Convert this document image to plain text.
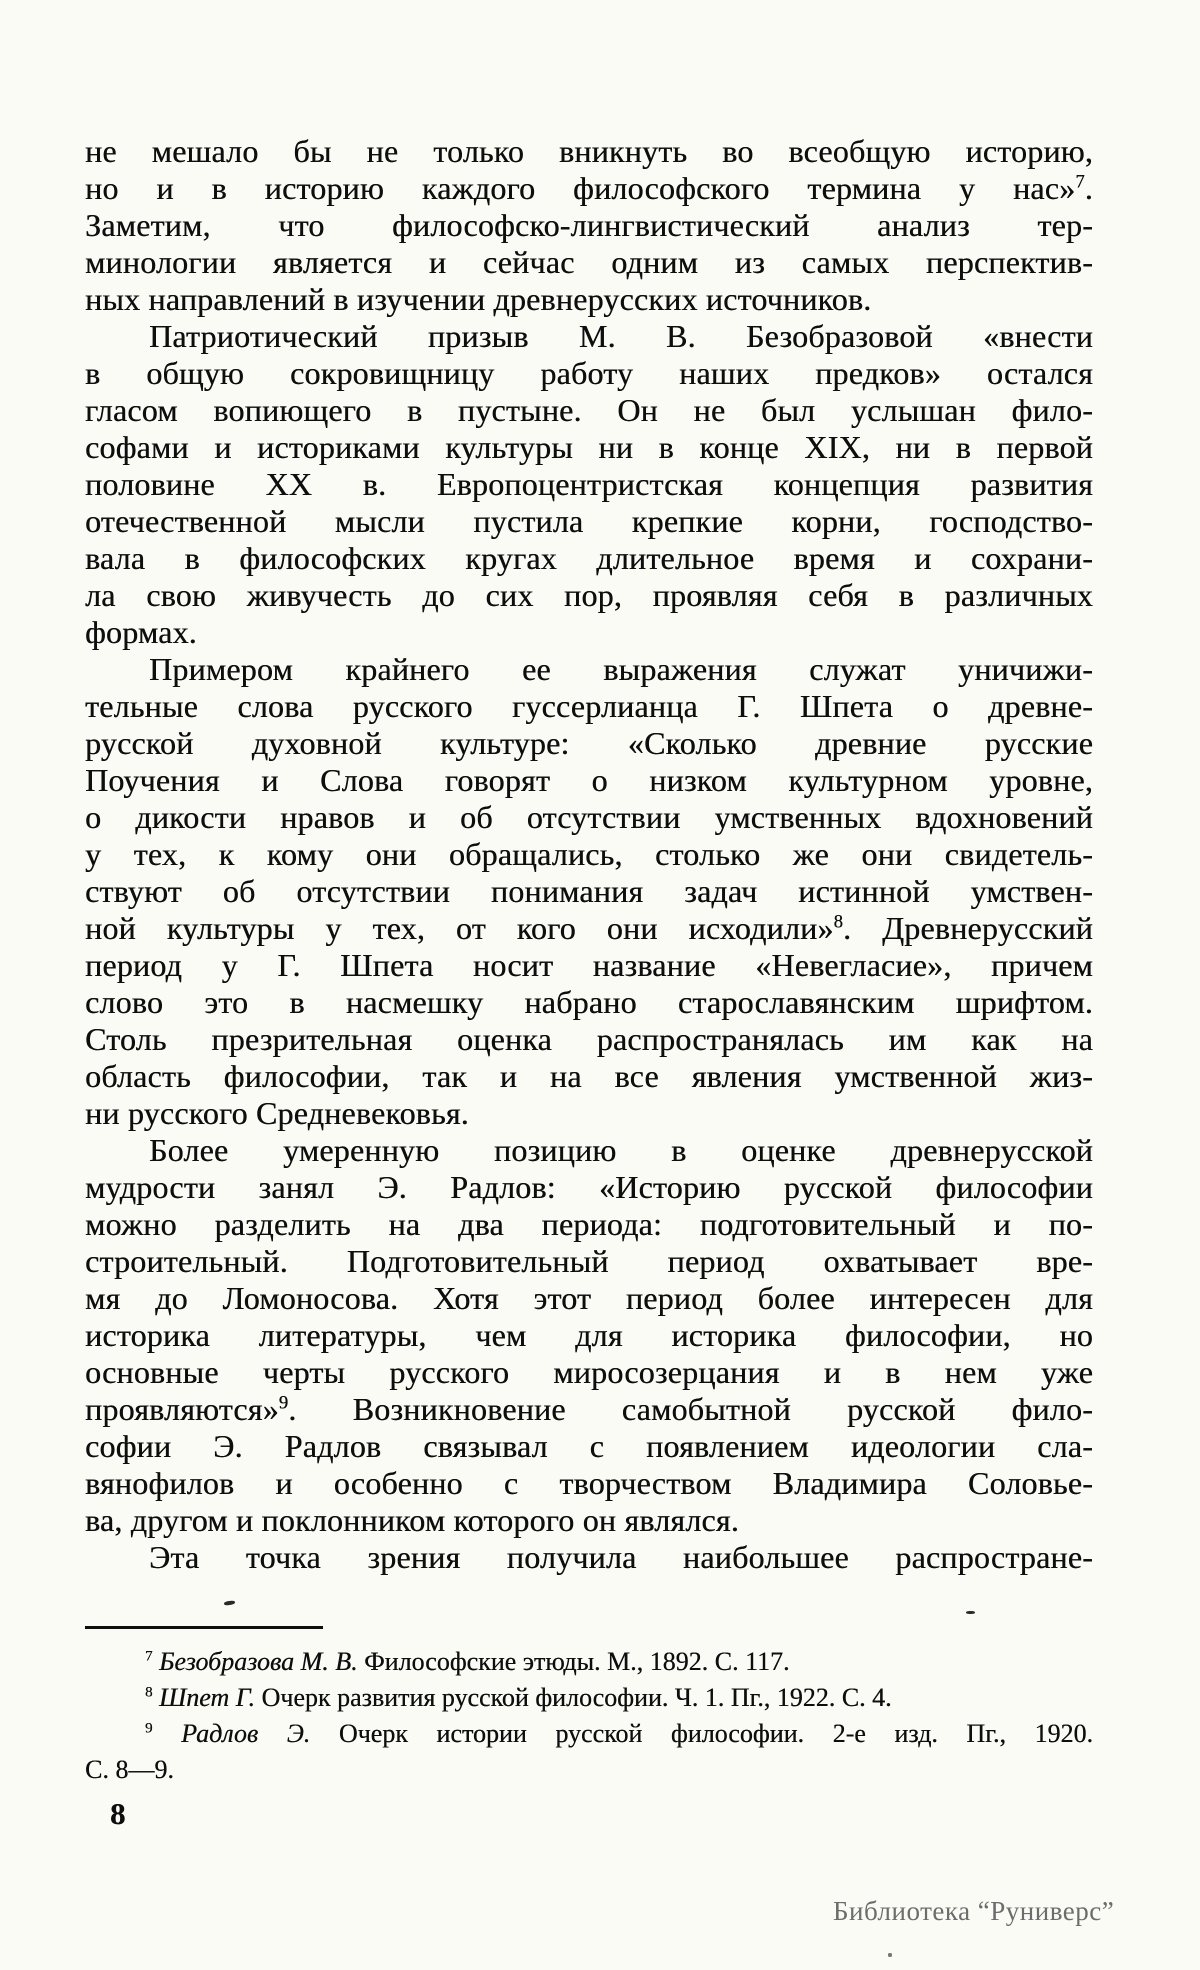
не мешало бы не только вникнуть во всеобщую историю,
но и в историю каждого философского термина у нас»$^7$.
Заметим, что философско-лингвистический анализ тер-
минологии является и сейчас одним из самых перспектив-
ных направлений в изучении древнерусских источников.
Патриотический призыв М. В. Безобразовой «внести
в общую сокровищницу работу наших предков» остался
гласом вопиющего в пустыне. Он не был услышан фило-
софами и историками культуры ни в конце XIX, ни в первой
половине XX в. Европоцентристская концепция развития
отечественной мысли пустила крепкие корни, господство-
вала в философских кругах длительное время и сохрани-
ла свою живучесть до сих пор, проявляя себя в различных
формах.
Примером крайнего ее выражения служат уничижи-
тельные слова русского гуссерлианца Г. Шпета о древне-
русской духовной культуре: «Сколько древние русские
Поучения и Слова говорят о низком культурном уровне,
о дикости нравов и об отсутствии умственных вдохновений
у тех, к кому они обращались, столько же они свидетель-
ствуют об отсутствии понимания задач истинной умствен-
ной культуры у тех, от кого они исходили»$^8$. Древнерусский
период у Г. Шпета носит название «Невегласие», причем
слово это в насмешку набрано старославянским шрифтом.
Столь презрительная оценка распространялась им как на
область философии, так и на все явления умственной жиз-
ни русского Средневековья.
Более умеренную позицию в оценке древнерусской
мудрости занял Э. Радлов: «Историю русской философии
можно разделить на два периода: подготовительный и по-
строительный. Подготовительный период охватывает вре-
мя до Ломоносова. Хотя этот период более интересен для
историка литературы, чем для историка философии, но
основные черты русского миросозерцания и в нем уже
проявляются»$^9$. Возникновение самобытной русской фило-
софии Э. Радлов связывал с появлением идеологии сла-
вянофилов и особенно с творчеством Владимира Соловье-
ва, другом и поклонником которого он являлся.
Эта точка зрения получила наибольшее распростране-
$^7$ Безобразова М. В. Философские этюды. М., 1892. С. 117.
$^8$ Шпет Г. Очерк развития русской философии. Ч. 1. Пг., 1922. С. 4.
$^9$ Радлов Э. Очерк истории русской философии. 2-е изд. Пг., 1920.
С. 8—9.
8
Библиотека “Руниверс”
